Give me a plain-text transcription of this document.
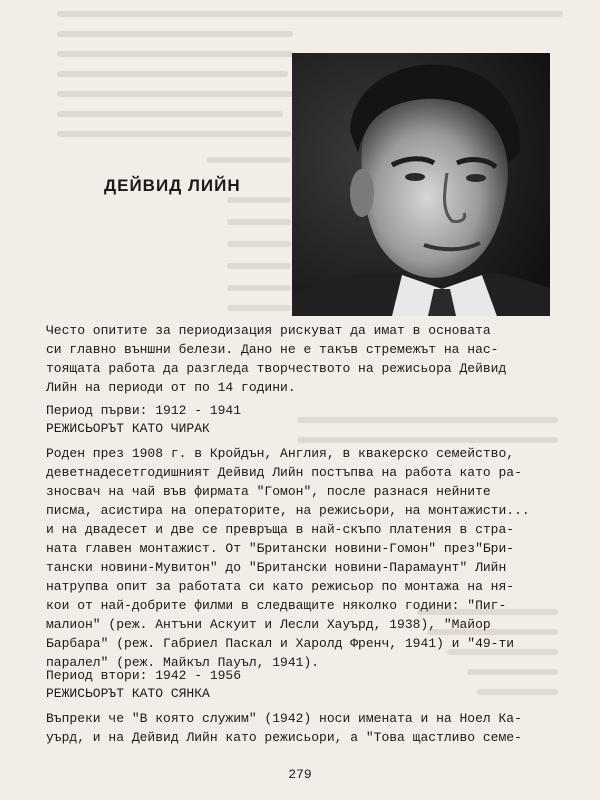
ДЕЙВИД ЛИЙН
Често опитите за периодизация рискуват да имат в основата
си главно външни белези. Дано не е такъв стремежът на нас-
тоящата работа да разгледа творчеството на режисьора Дейвид
Лийн на периоди от по 14 години.
Период първи: 1912 - 1941
РЕЖИСЬОРЪТ КАТО ЧИРАК
Роден през 1908 г. в Кройдън, Англия, в квакерско семейство,
деветнадесетгодишният Дейвид Лийн постъпва на работа като ра-
зносвач на чай във фирмата "Гомон", после разнася нейните
писма, асистира на операторите, на режисьори, на монтажисти...
и на двадесет и две се превръща в най-скъпо платения в стра-
ната главен монтажист. От "Британски новини-Гомон" през"Бри-
тански новини-Мувитон" до "Британски новини-Парамаунт" Лийн
натрупва опит за работата си като режисьор по монтажа на ня-
кои от най-добрите филми в следващите няколко години: "Пиг-
малион" (реж. Антъни Аскуит и Лесли Хауърд, 1938), "Майор
Барбара" (реж. Габриел Паскал и Харолд Френч, 1941) и "49-ти
паралел" (реж. Майкъл Пауъл, 1941).
Период втори: 1942 - 1956
РЕЖИСЬОРЪТ КАТО СЯНКА
Въпреки че "В която служим" (1942) носи имената и на Ноел Ка-
уърд, и на Дейвид Лийн като режисьори, а "Това щастливо семе-
279
